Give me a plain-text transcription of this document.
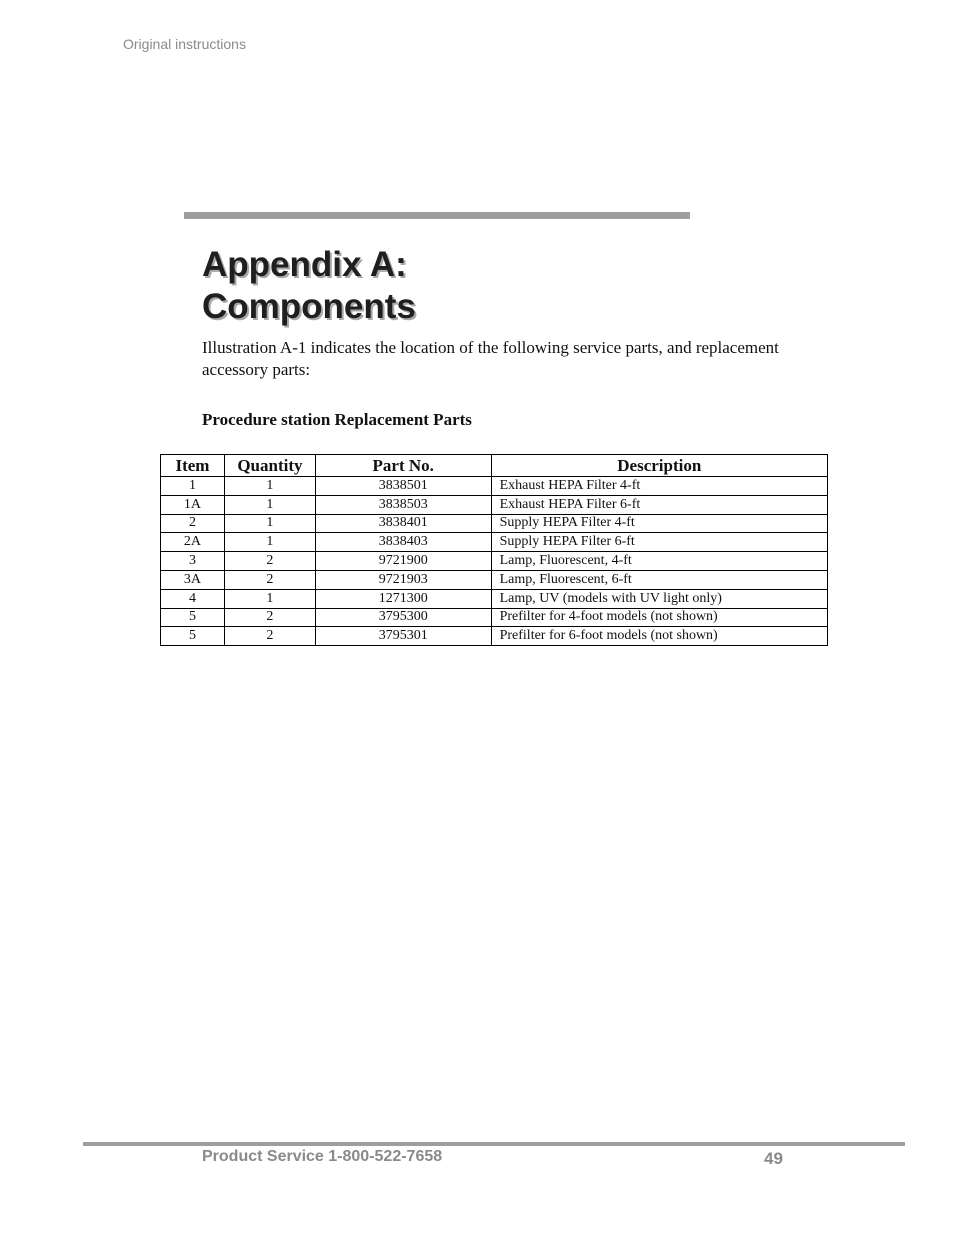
Original instructions
Appendix A:
Components

Illustration A-1 indicates the location of the following service parts, and replacement accessory parts:

Procedure station Replacement Parts

Item	Quantity	Part No.	Description
1	1	3838501	Exhaust HEPA Filter 4-ft
1A	1	3838503	Exhaust HEPA Filter 6-ft
2	1	3838401	Supply HEPA Filter 4-ft
2A	1	3838403	Supply HEPA Filter 6-ft
3	2	9721900	Lamp, Fluorescent, 4-ft
3A	2	9721903	Lamp, Fluorescent, 6-ft
4	1	1271300	Lamp, UV (models with UV light only)
5	2	3795300	Prefilter for 4-foot models (not shown)
5	2	3795301	Prefilter for 6-foot models (not shown)
Product Service 1-800-522-7658	49
